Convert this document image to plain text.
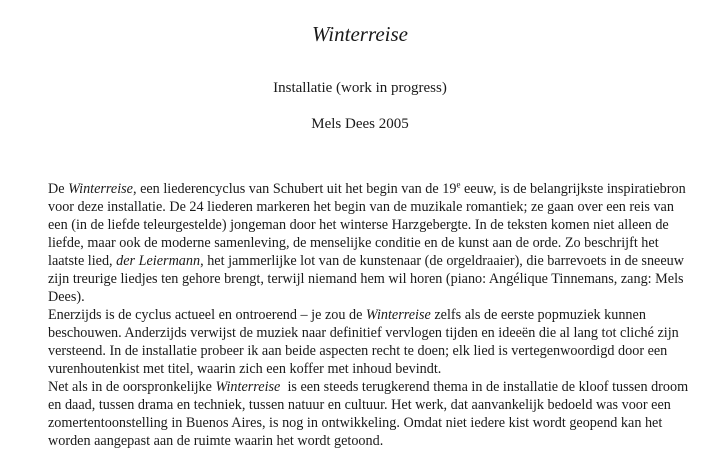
Winterreise
Installatie (work in progress)
Mels Dees 2005
De Winterreise, een liederencyclus van Schubert uit het begin van de 19e eeuw, is de belangrijkste inspiratiebron
voor deze installatie. De 24 liederen markeren het begin van de muzikale romantiek; ze gaan over een reis van
een (in de liefde teleurgestelde) jongeman door het winterse Harzgebergte. In de teksten komen niet alleen de
liefde, maar ook de moderne samenleving, de menselijke conditie en de kunst aan de orde. Zo beschrijft het
laatste lied, der Leiermann, het jammerlijke lot van de kunstenaar (de orgeldraaier), die barrevoets in de sneeuw
zijn treurige liedjes ten gehore brengt, terwijl niemand hem wil horen (piano: Angélique Tinnemans, zang: Mels
Dees).
Enerzijds is de cyclus actueel en ontroerend – je zou de Winterreise zelfs als de eerste popmuziek kunnen
beschouwen. Anderzijds verwijst de muziek naar definitief vervlogen tijden en ideeën die al lang tot cliché zijn
versteend. In de installatie probeer ik aan beide aspecten recht te doen; elk lied is vertegenwoordigd door een
vurenhoutenkist met titel, waarin zich een koffer met inhoud bevindt.
Net als in de oorspronkelijke Winterreise  is een steeds terugkerend thema in de installatie de kloof tussen droom
en daad, tussen drama en techniek, tussen natuur en cultuur. Het werk, dat aanvankelijk bedoeld was voor een
zomertentoonstelling in Buenos Aires, is nog in ontwikkeling. Omdat niet iedere kist wordt geopend kan het
worden aangepast aan de ruimte waarin het wordt getoond.
